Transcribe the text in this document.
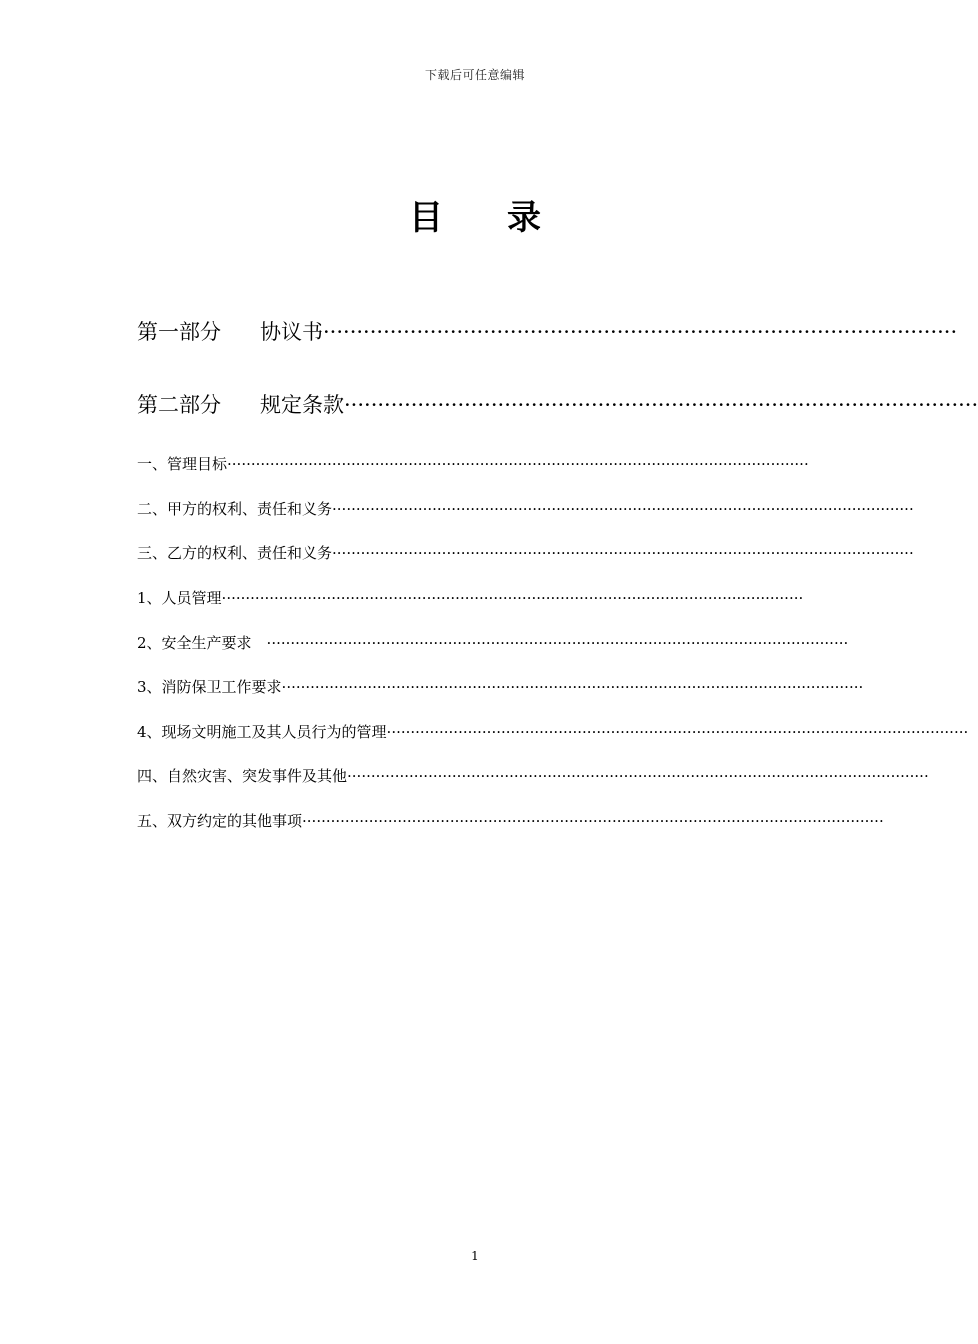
下载后可任意编辑
目 录
第一部分 协议书·······························································································
第二部分 规定条款·······························································································
一、管理目标··························································································································
二、甲方的权利、责任和义务··························································································································
三、乙方的权利、责任和义务··························································································································
1、人员管理··························································································································
2、安全生产要求　··························································································································
3、消防保卫工作要求··························································································································
4、现场文明施工及其人员行为的管理··························································································································
四、自然灾害、突发事件及其他··························································································································
五、双方约定的其他事项··························································································································
1
